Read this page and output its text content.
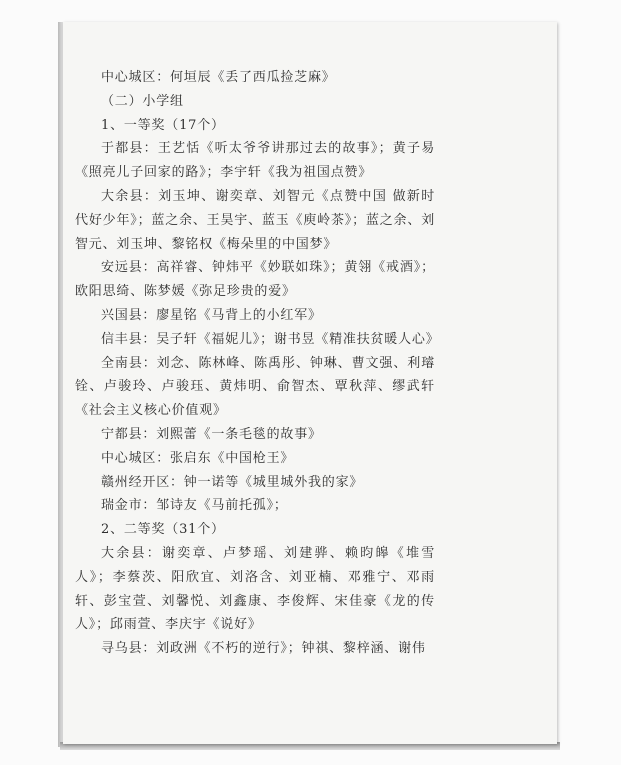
中心城区：何垣辰《丢了西瓜捡芝麻》

（二）小学组

1、一等奖（17个）

于都县：王艺恬《听太爷爷讲那过去的故事》；黄子易《照亮儿子回家的路》；李宇轩《我为祖国点赞》

大余县：刘玉坤、谢奕章、刘智元《点赞中国 做新时代好少年》；蓝之余、王昊宇、蓝玉《庾岭茶》；蓝之余、刘智元、刘玉坤、黎铭权《梅朵里的中国梦》

安远县：高祥睿、钟炜平《妙联如珠》；黄翎《戒酒》；欧阳思绮、陈梦媛《弥足珍贵的爱》

兴国县：廖星铭《马背上的小红军》

信丰县：吴子轩《福妮儿》；谢书昱《精准扶贫暖人心》

全南县：刘念、陈林峰、陈禹彤、钟琳、曹文强、利璿铨、卢骏玲、卢骏珏、黄炜明、俞智杰、覃秋萍、缪武轩《社会主义核心价值观》

宁都县：刘熙蕾《一条毛毯的故事》

中心城区：张启东《中国枪王》

赣州经开区：钟一诺等《城里城外我的家》

瑞金市：邹诗友《马前托孤》；

2、二等奖（31个）

大余县：谢奕章、卢梦瑶、刘建骅、赖昀皞《堆雪人》；李蔡茨、阳欣宜、刘洛含、刘亚楠、邓雅宁、邓雨轩、彭宝萱、刘馨悦、刘鑫康、李俊辉、宋佳豪《龙的传人》；邱雨萱、李庆宇《说好》

寻乌县：刘政洲《不朽的逆行》；钟祺、黎梓涵、谢伟
